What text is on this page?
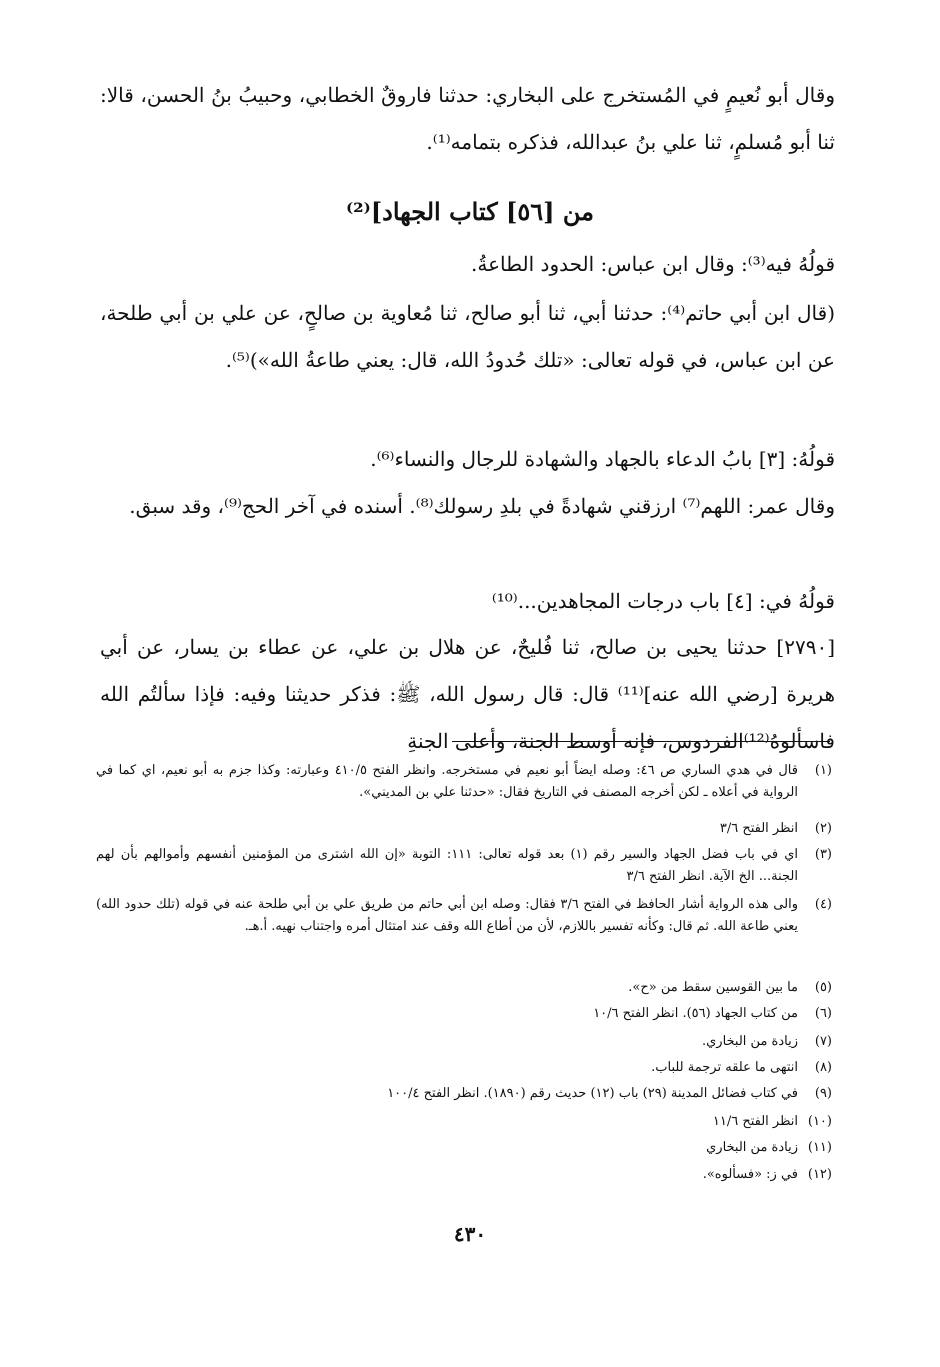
وقال أبو نُعيمٍ في المُستخرج على البخاري: حدثنا فاروقٌ الخطابي، وحبيبُ بنُ الحسن، قالا: ثنا أبو مُسلمٍ، ثنا علي بنُ عبدالله، فذكره بتمامه⁽¹⁾.

من [٥٦] كتاب الجهاد]⁽²⁾

قولُهُ فيه⁽³⁾: وقال ابن عباس: الحدود الطاعةُ.

(قال ابن أبي حاتم⁽⁴⁾: حدثنا أبي، ثنا أبو صالح، ثنا مُعاوية بن صالحٍ، عن علي بن أبي طلحة، عن ابن عباس، في قوله تعالى: «تلك حُدودُ الله، قال: يعني طاعةُ الله»)⁽⁵⁾.

قولُهُ: [٣] بابُ الدعاء بالجهاد والشهادة للرجال والنساء⁽⁶⁾.

وقال عمر: اللهم⁽⁷⁾ ارزقني شهادةً في بلدِ رسولك⁽⁸⁾. أسنده في آخر الحج⁽⁹⁾، وقد سبق.

قولُهُ في: [٤] باب درجات المجاهدين...⁽¹⁰⁾

[٢٧٩٠] حدثنا يحيى بن صالح، ثنا فُليحٌ، عن هلال بن علي، عن عطاء بن يسار، عن أبي هريرة [رضي الله عنه]⁽¹¹⁾ قال: قال رسول الله، ﷺ: فذكر حديثنا وفيه: فإذا سألتُم الله فاسألوهُ⁽¹²⁾الفردوس، فإنه أوسط الجنة، وأعلى الجنةِ

(١)
قال في هدي الساري ص ٤٦: وصله ايضاً أبو نعيم في مستخرجه. وانظر الفتح ٤١٠/٥ وعبارته: وكذا جزم به أبو نعيم، اي كما في الرواية في أعلاه ـ لكن أخرجه المصنف في التاريخ فقال: «حدثنا علي بن المديني».
(٢)
انظر الفتح ٣/٦
(٣)
اي في باب فضل الجهاد والسير رقم (١) بعد قوله تعالى: ١١١: التوبة «إن الله اشترى من المؤمنين أنفسهم وأموالهم بأن لهم الجنة... الخ الآية. انظر الفتح ٣/٦
(٤)
والى هذه الرواية أشار الحافظ في الفتح ٣/٦ فقال: وصله ابن أبي حاتم من طريق علي بن أبي طلحة عنه في قوله (تلك حدود الله) يعني طاعة الله. ثم قال: وكأنه تفسير باللازم، لأن من أطاع الله وقف عند امتثال أمره واجتناب نهيه. أ.هـ.
(٥)
ما بين القوسين سقط من «ح».
(٦)
من كتاب الجهاد (٥٦). انظر الفتح ١٠/٦
(٧)
زيادة من البخاري.
(٨)
انتهى ما علقه ترجمة للباب.
(٩)
في كتاب فضائل المدينة (٢٩) باب (١٢) حديث رقم (١٨٩٠). انظر الفتح ١٠٠/٤
(١٠)
انظر الفتح ١١/٦
(١١)
زيادة من البخاري
(١٢)
في ز: «فسألوه».
٤٣٠
